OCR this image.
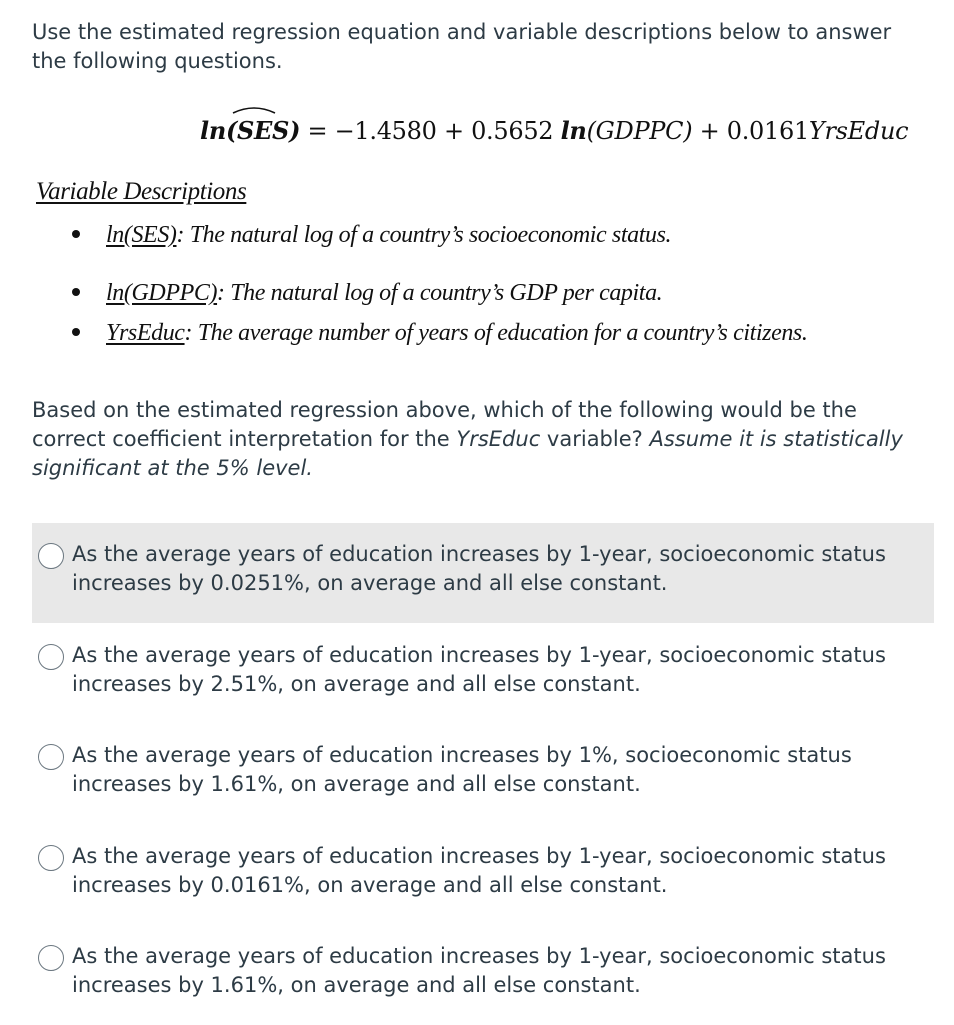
Use the estimated regression equation and variable descriptions below to answer the following questions.
ln(SES) = −1.4580 + 0.5652 ln(GDPPC) + 0.0161YrsEduc
Variable Descriptions
ln(SES): The natural log of a country’s socioeconomic status.
ln(GDPPC): The natural log of a country’s GDP per capita.
YrsEduc: The average number of years of education for a country’s citizens.
Based on the estimated regression above, which of the following would be the correct coefficient interpretation for the YrsEduc variable? Assume it is statistically significant at the 5% level.
As the average years of education increases by 1-year, socioeconomic status increases by 0.0251%, on average and all else constant.
As the average years of education increases by 1-year, socioeconomic status increases by 2.51%, on average and all else constant.
As the average years of education increases by 1%, socioeconomic status increases by 1.61%, on average and all else constant.
As the average years of education increases by 1-year, socioeconomic status increases by 0.0161%, on average and all else constant.
As the average years of education increases by 1-year, socioeconomic status increases by 1.61%, on average and all else constant.
